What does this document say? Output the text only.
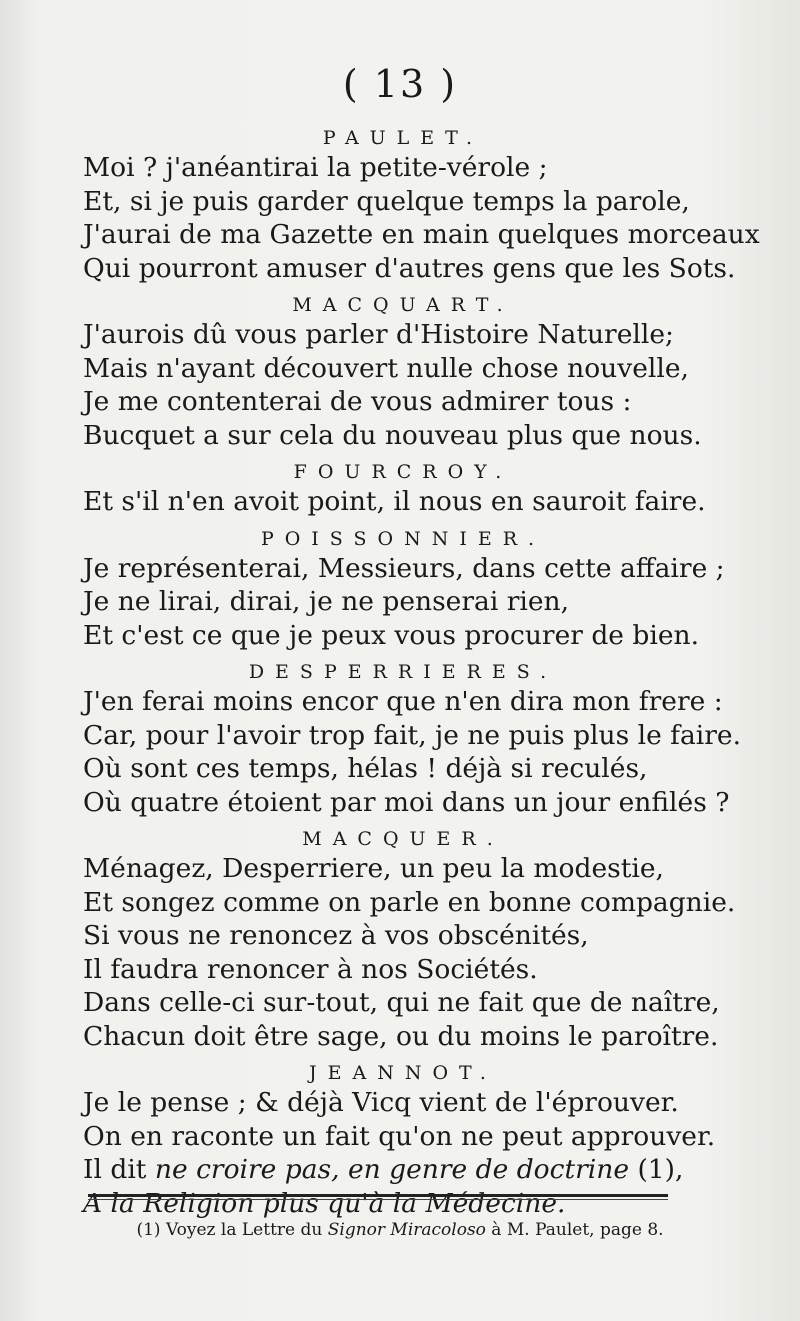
( 13 )
PAULET.
Moi ? j'anéantirai la petite-vérole ;
Et, si je puis garder quelque temps la parole,
J'aurai de ma Gazette en main quelques morceaux
Qui pourront amuser d'autres gens que les Sots.
MACQUART.
J'aurois dû vous parler d'Histoire Naturelle;
Mais n'ayant découvert nulle chose nouvelle,
Je me contenterai de vous admirer tous :
Bucquet a sur cela du nouveau plus que nous.
FOURCROY.
Et s'il n'en avoit point, il nous en sauroit faire.
POISSONNIER.
Je représenterai, Messieurs, dans cette affaire ;
Je ne lirai, dirai, je ne penserai rien,
Et c'est ce que je peux vous procurer de bien.
DESPERRIERES.
J'en ferai moins encor que n'en dira mon frere :
Car, pour l'avoir trop fait, je ne puis plus le faire.
Où sont ces temps, hélas ! déjà si reculés,
Où quatre étoient par moi dans un jour enfilés ?
MACQUER.
Ménagez, Desperriere, un peu la modestie,
Et songez comme on parle en bonne compagnie.
Si vous ne renoncez à vos obscénités,
Il faudra renoncer à nos Sociétés.
Dans celle-ci sur-tout, qui ne fait que de naître,
Chacun doit être sage, ou du moins le paroître.
JEANNOT.
Je le pense ; & déjà Vicq vient de l'éprouver.
On en raconte un fait qu'on ne peut approuver.
Il dit ne croire pas, en genre de doctrine (1),
A la Religion plus qu'à la Médecine.
(1) Voyez la Lettre du Signor Miracoloso à M. Paulet, page 8.
